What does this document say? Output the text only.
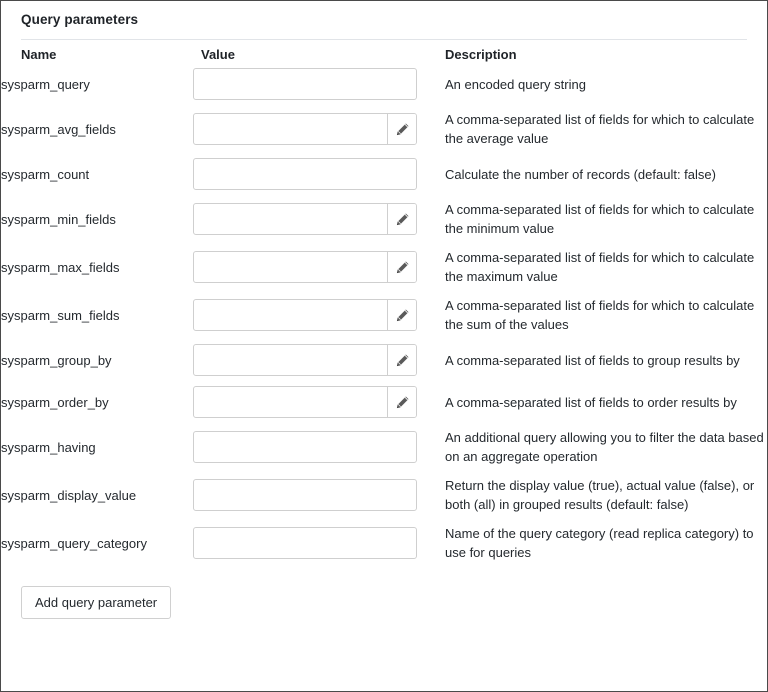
Query parameters
Name	Value	Description
sysparm_query		An encoded query string
sysparm_avg_fields		A comma-separated list of fields for which to calculate the average value
sysparm_count		Calculate the number of records (default: false)
sysparm_min_fields		A comma-separated list of fields for which to calculate the minimum value
sysparm_max_fields		A comma-separated list of fields for which to calculate the maximum value
sysparm_sum_fields		A comma-separated list of fields for which to calculate the sum of the values
sysparm_group_by		A comma-separated list of fields to group results by
sysparm_order_by		A comma-separated list of fields to order results by
sysparm_having		An additional query allowing you to filter the data based on an aggregate operation
sysparm_display_value		Return the display value (true), actual value (false), or both (all) in grouped results (default: false)
sysparm_query_category		Name of the query category (read replica category) to use for queries
Add query parameter
